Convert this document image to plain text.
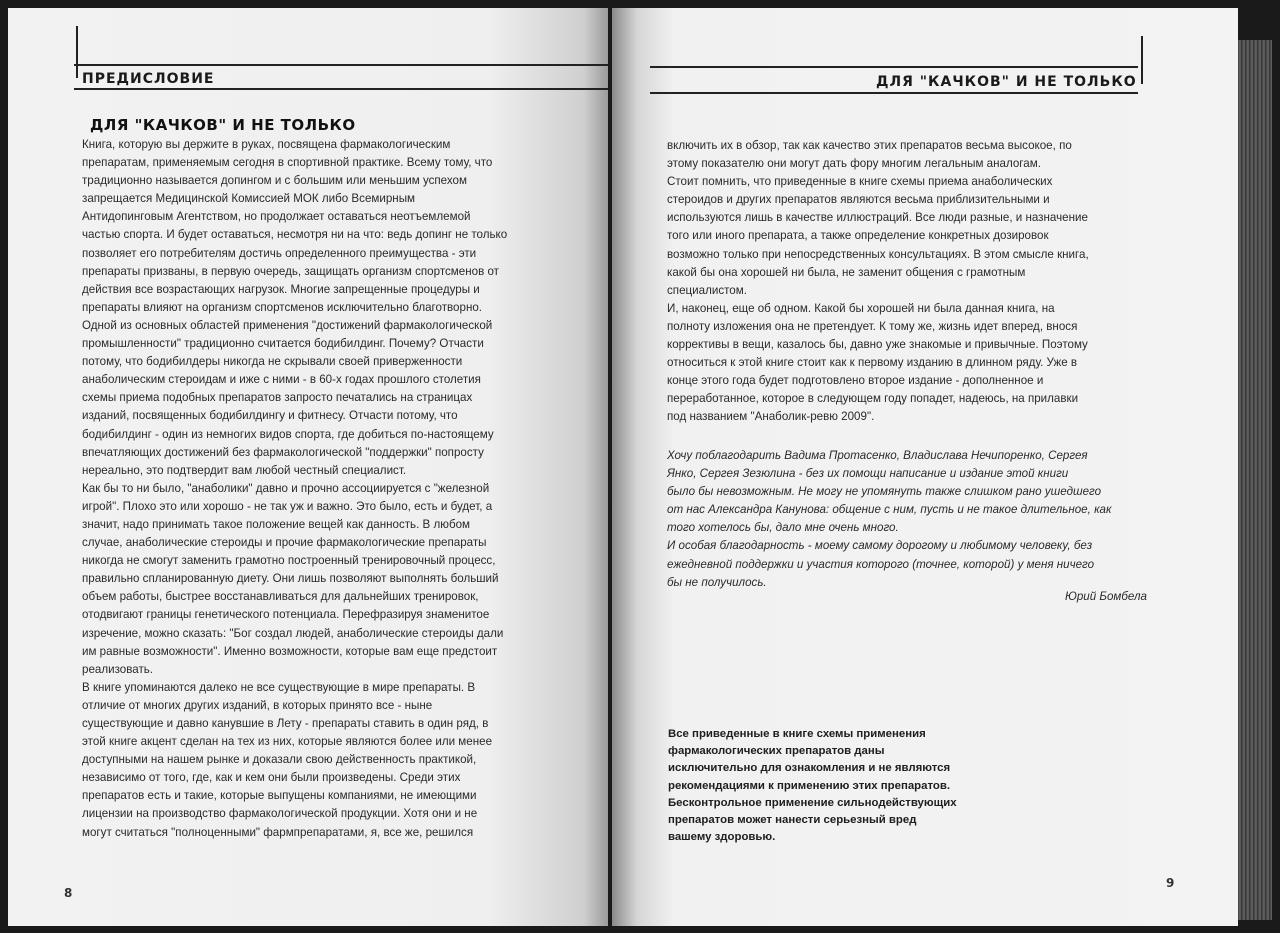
ПРЕДИСЛОВИЕ
ДЛЯ "КАЧКОВ" И НЕ ТОЛЬКО
Книга, которую вы держите в руках, посвящена фармакологическим
препаратам, применяемым сегодня в спортивной практике. Всему тому, что
традиционно называется допингом и с большим или меньшим успехом
запрещается Медицинской Комиссией МОК либо Всемирным
Антидопинговым Агентством, но продолжает оставаться неотъемлемой
частью спорта. И будет оставаться, несмотря ни на что: ведь допинг не только
позволяет его потребителям достичь определенного преимущества - эти
препараты призваны, в первую очередь, защищать организм спортсменов от
действия все возрастающих нагрузок. Многие запрещенные процедуры и
препараты влияют на организм спортсменов исключительно благотворно.
Одной из основных областей применения "достижений фармакологической
промышленности" традиционно считается бодибилдинг. Почему? Отчасти
потому, что бодибилдеры никогда не скрывали своей приверженности
анаболическим стероидам и иже с ними - в 60-х годах прошлого столетия
схемы приема подобных препаратов запросто печатались на страницах
изданий, посвященных бодибилдингу и фитнесу. Отчасти потому, что
бодибилдинг - один из немногих видов спорта, где добиться по-настоящему
впечатляющих достижений без фармакологической "поддержки" попросту
нереально, это подтвердит вам любой честный специалист.
Как бы то ни было, "анаболики" давно и прочно ассоциируется с "железной
игрой". Плохо это или хорошо - не так уж и важно. Это было, есть и будет, а
значит, надо принимать такое положение вещей как данность. В любом
случае, анаболические стероиды и прочие фармакологические препараты
никогда не смогут заменить грамотно построенный тренировочный процесс,
правильно спланированную диету. Они лишь позволяют выполнять больший
объем работы, быстрее восстанавливаться для дальнейших тренировок,
отодвигают границы генетического потенциала. Перефразируя знаменитое
изречение, можно сказать: "Бог создал людей, анаболические стероиды дали
им равные возможности". Именно возможности, которые вам еще предстоит
реализовать.
В книге упоминаются далеко не все существующие в мире препараты. В
отличие от многих других изданий, в которых принято все - ныне
существующие и давно канувшие в Лету - препараты ставить в один ряд, в
этой книге акцент сделан на тех из них, которые являются более или менее
доступными на нашем рынке и доказали свою действенность практикой,
независимо от того, где, как и кем они были произведены. Среди этих
препаратов есть и такие, которые выпущены компаниями, не имеющими
лицензии на производство фармакологической продукции. Хотя они и не
могут считаться "полноценными" фармпрепаратами, я, все же, решился
8
ДЛЯ "КАЧКОВ" И НЕ ТОЛЬКО
включить их в обзор, так как качество этих препаратов весьма высокое, по
этому показателю они могут дать фору многим легальным аналогам.
Стоит помнить, что приведенные в книге схемы приема анаболических
стероидов и других препаратов являются весьма приблизительными и
используются лишь в качестве иллюстраций. Все люди разные, и назначение
того или иного препарата, а также определение конкретных дозировок
возможно только при непосредственных консультациях. В этом смысле книга,
какой бы она хорошей ни была, не заменит общения с грамотным
специалистом.
И, наконец, еще об одном. Какой бы хорошей ни была данная книга, на
полноту изложения она не претендует. К тому же, жизнь идет вперед, внося
коррективы в вещи, казалось бы, давно уже знакомые и привычные. Поэтому
относиться к этой книге стоит как к первому изданию в длинном ряду. Уже в
конце этого года будет подготовлено второе издание - дополненное и
переработанное, которое в следующем году попадет, надеюсь, на прилавки
под названием "Анаболик-ревю 2009".
Хочу поблагодарить Вадима Протасенко, Владислава Нечипоренко, Сергея
Янко, Сергея Зезюлина - без их помощи написание и издание этой книги
было бы невозможным. Не могу не упомянуть также слишком рано ушедшего
от нас Александра Канунова: общение с ним, пусть и не такое длительное, как
того хотелось бы, дало мне очень много.
И особая благодарность - моему самому дорогому и любимому человеку, без
ежедневной поддержки и участия которого (точнее, которой) у меня ничего
бы не получилось.
Юрий Бомбела
Все приведенные в книге схемы применения
фармакологических препаратов даны
исключительно для ознакомления и не являются
рекомендациями к применению этих препаратов.
Бесконтрольное применение сильнодействующих
препаратов может нанести серьезный вред
вашему здоровью.
9
